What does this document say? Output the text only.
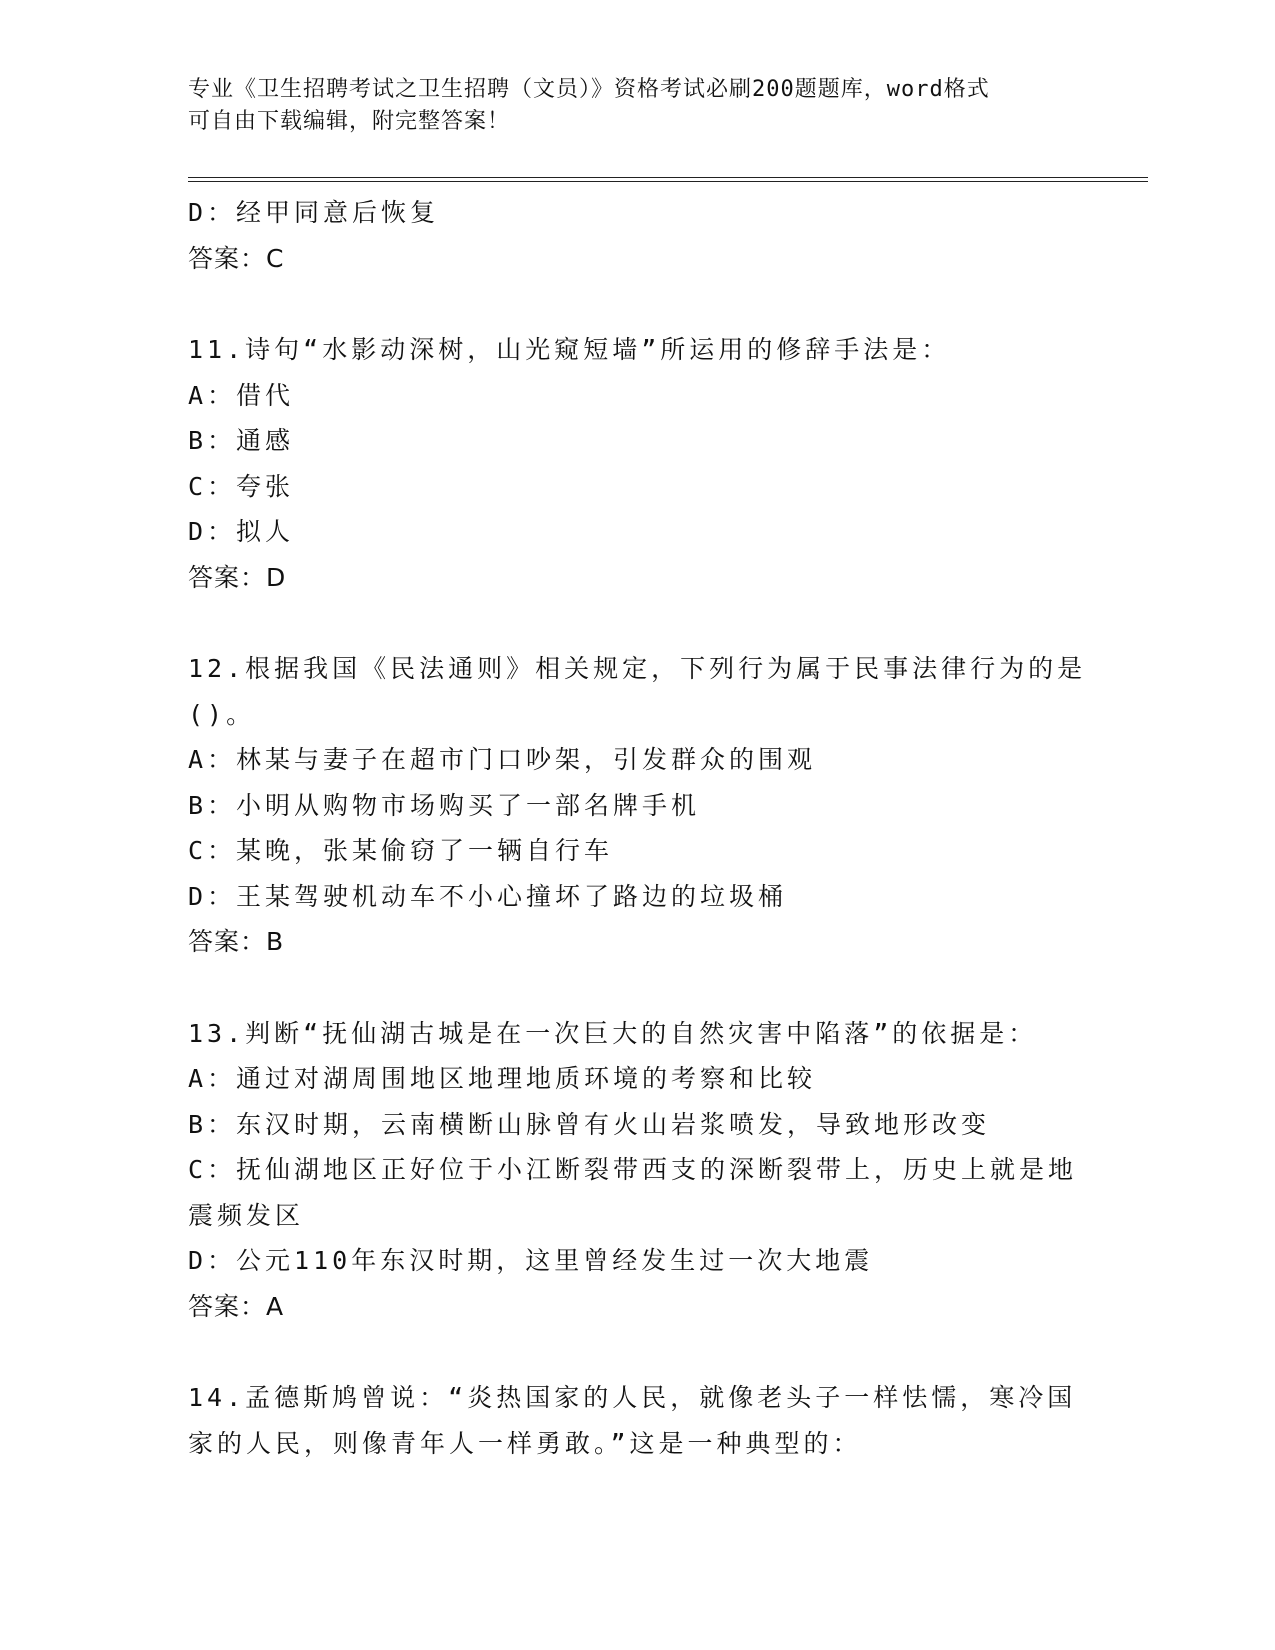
专业《卫生招聘考试之卫生招聘（文员）》资格考试必刷200题题库，word格式
可自由下载编辑，附完整答案！

D：经甲同意后恢复

答案：C

11.诗句“水影动深树，山光窥短墙”所运用的修辞手法是：

A：借代

B：通感

C：夸张

D：拟人

答案：D

12.根据我国《民法通则》相关规定，下列行为属于民事法律行为的是

()。

A：林某与妻子在超市门口吵架，引发群众的围观

B：小明从购物市场购买了一部名牌手机

C：某晚，张某偷窃了一辆自行车

D：王某驾驶机动车不小心撞坏了路边的垃圾桶

答案：B

13.判断“抚仙湖古城是在一次巨大的自然灾害中陷落”的依据是：

A：通过对湖周围地区地理地质环境的考察和比较

B：东汉时期，云南横断山脉曾有火山岩浆喷发，导致地形改变

C：抚仙湖地区正好位于小江断裂带西支的深断裂带上，历史上就是地

震频发区

D：公元110年东汉时期，这里曾经发生过一次大地震

答案：A

14.孟德斯鸠曾说：“炎热国家的人民，就像老头子一样怯懦，寒冷国

家的人民，则像青年人一样勇敢。”这是一种典型的：
